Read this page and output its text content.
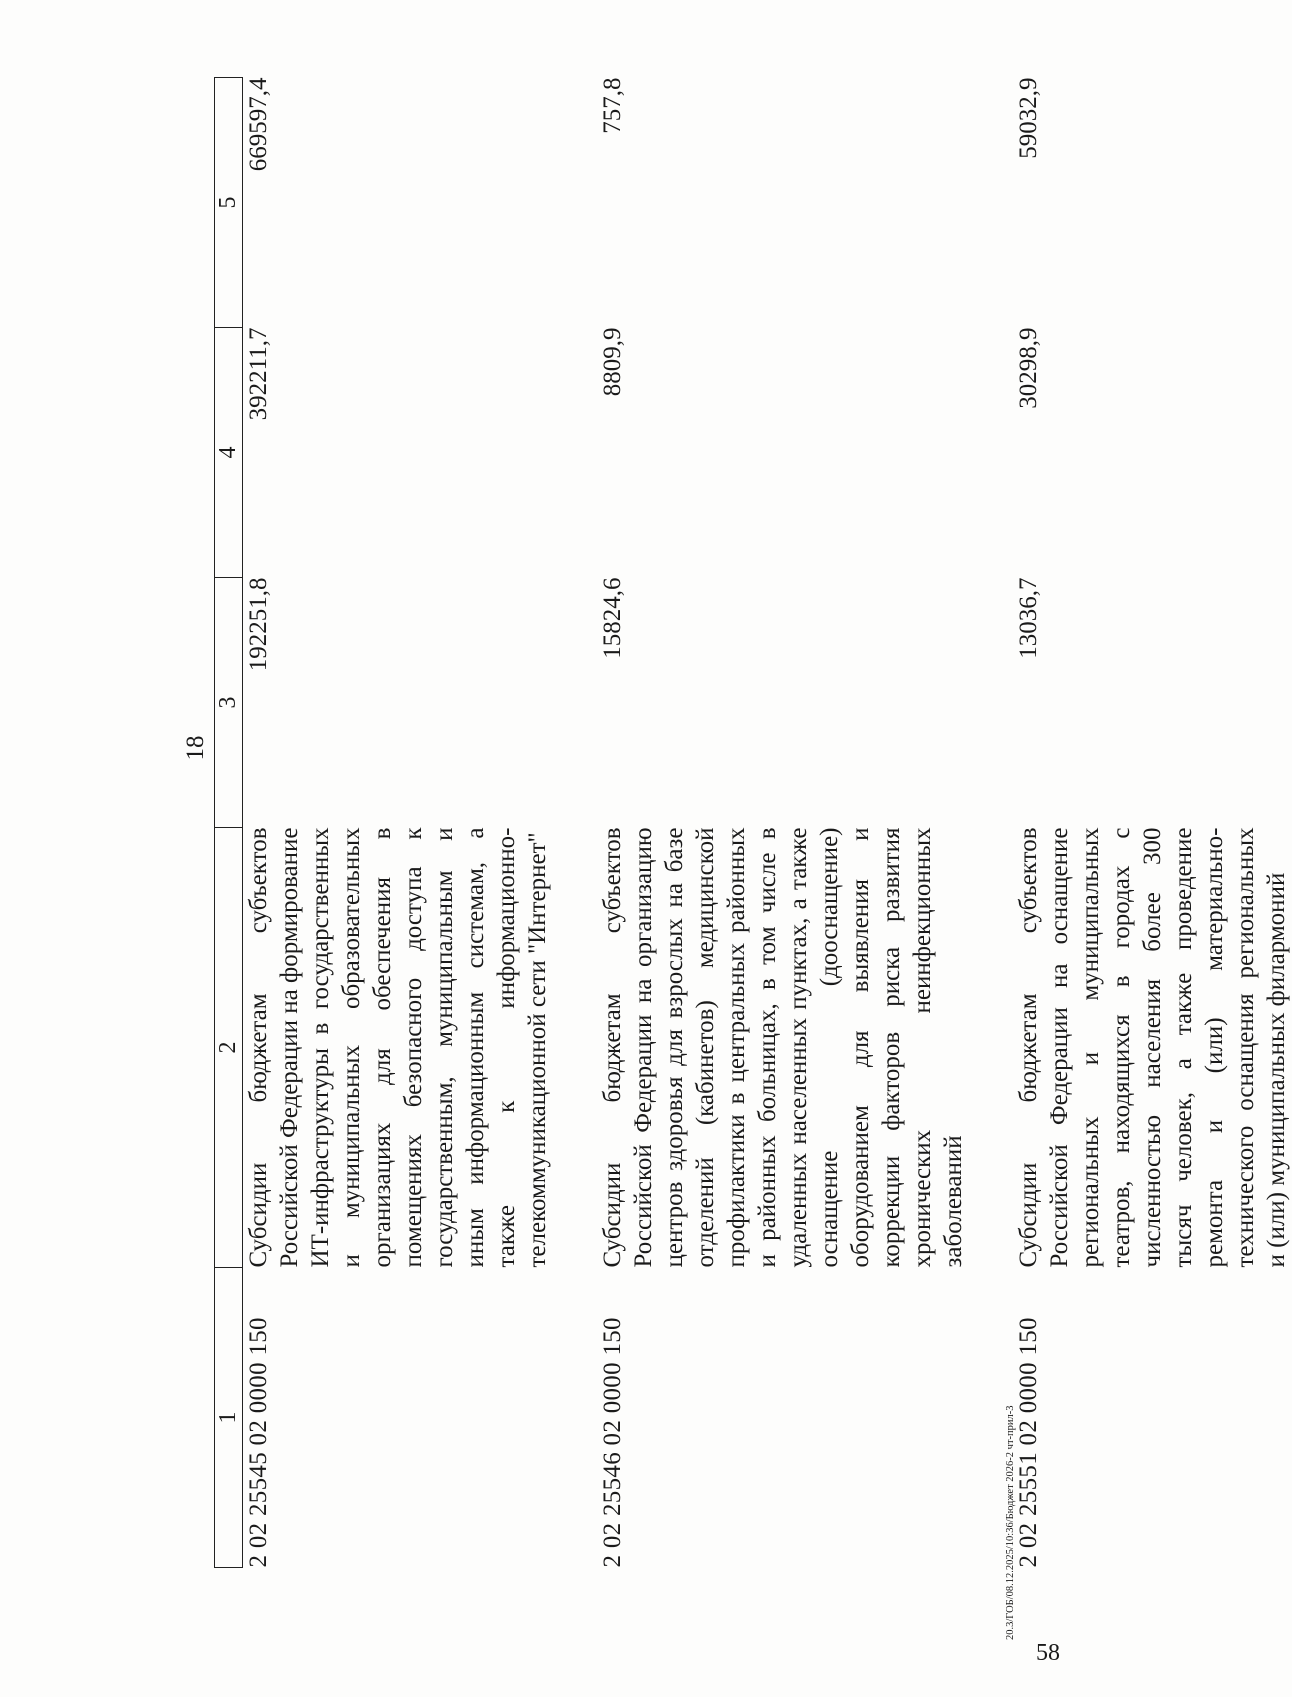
18
1	2	3	4	5
2 02 25545 02 0000 150	Субсидии бюджетам субъектов Российской Федерации на формирование ИТ-инфраструктуры в государственных и муниципальных образовательных организациях для обеспечения в помещениях безопасного доступа к государственным, муниципальным и иным информационным системам, а также к информационно-телекоммуникационной сети "Интернет"	192251,8	392211,7	669597,4

2 02 25546 02 0000 150	Субсидии бюджетам субъектов Российской Федерации на организацию центров здоровья для взрослых на базе отделений (кабинетов) медицинской профилактики в центральных районных и районных больницах, в том числе в удаленных населенных пунктах, а также оснащение (дооснащение) оборудованием для выявления и коррекции факторов риска развития хронических неинфекционных заболеваний	15824,6	8809,9	757,8

2 02 25551 02 0000 150	Субсидии бюджетам субъектов Российской Федерации на оснащение региональных и муниципальных театров, находящихся в городах с численностью населения более 300 тысяч человек, а также проведение ремонта и (или) материально-технического оснащения региональных и (или) муниципальных филармоний	13036,7	30298,9	59032,9
20.3/ГОБ/08.12.2025/10:36/Бюджет 2026-2 чт-прил-3
58
